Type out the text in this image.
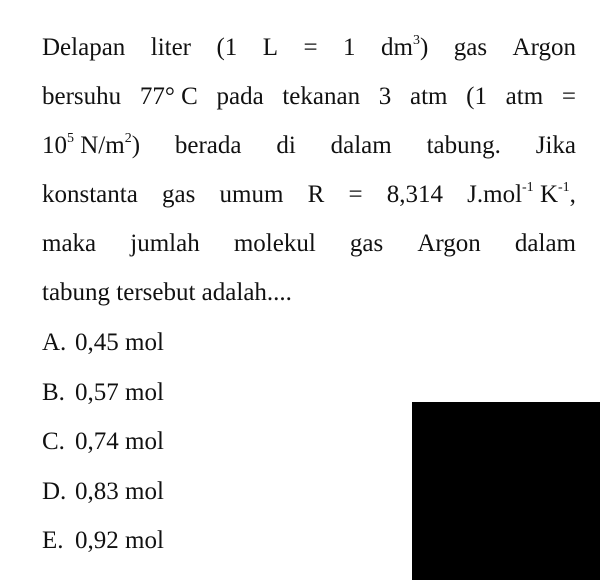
Delapan liter (1 L = 1 $dm^3$) gas Argon
bersuhu 77° C pada tekanan 3 atm (1 atm =
$10^5$ $N/m^2$) berada di dalam tabung. Jika
konstanta gas umum R = 8,314 J.mol$^{-1}$ $K^{-1}$,
maka jumlah molekul gas Argon dalam
tabung tersebut adalah....
A. 0,45 mol
B. 0,57 mol
C. 0,74 mol
D. 0,83 mol
E. 0,92 mol
